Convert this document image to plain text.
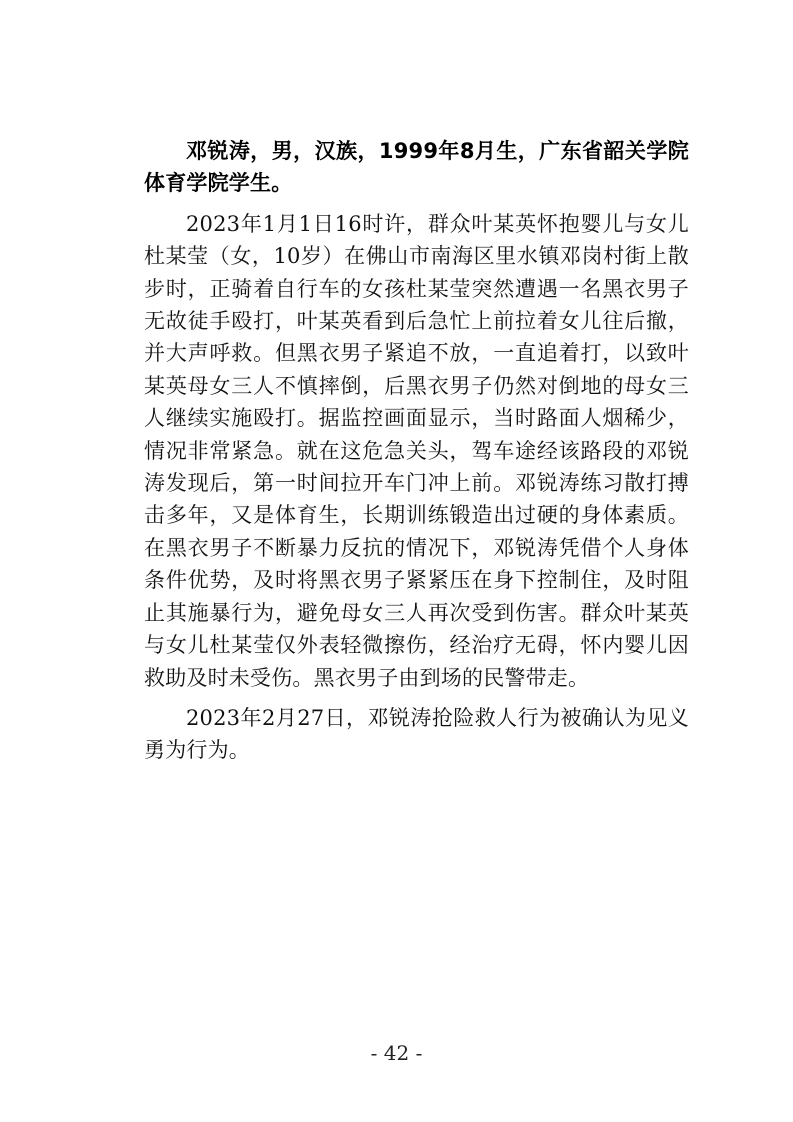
邓锐涛，男，汉族，1999年8月生，广东省韶关学院体育学院学生。

2023年1月1日16时许，群众叶某英怀抱婴儿与女儿杜某莹（女，10岁）在佛山市南海区里水镇邓岗村街上散步时，正骑着自行车的女孩杜某莹突然遭遇一名黑衣男子无故徒手殴打，叶某英看到后急忙上前拉着女儿往后撤，并大声呼救。但黑衣男子紧追不放，一直追着打，以致叶某英母女三人不慎摔倒，后黑衣男子仍然对倒地的母女三人继续实施殴打。据监控画面显示，当时路面人烟稀少，情况非常紧急。就在这危急关头，驾车途经该路段的邓锐涛发现后，第一时间拉开车门冲上前。邓锐涛练习散打搏击多年，又是体育生，长期训练锻造出过硬的身体素质。在黑衣男子不断暴力反抗的情况下，邓锐涛凭借个人身体条件优势，及时将黑衣男子紧紧压在身下控制住，及时阻止其施暴行为，避免母女三人再次受到伤害。群众叶某英与女儿杜某莹仅外表轻微擦伤，经治疗无碍，怀内婴儿因救助及时未受伤。黑衣男子由到场的民警带走。

2023年2月27日，邓锐涛抢险救人行为被确认为见义勇为行为。

- 42 -
